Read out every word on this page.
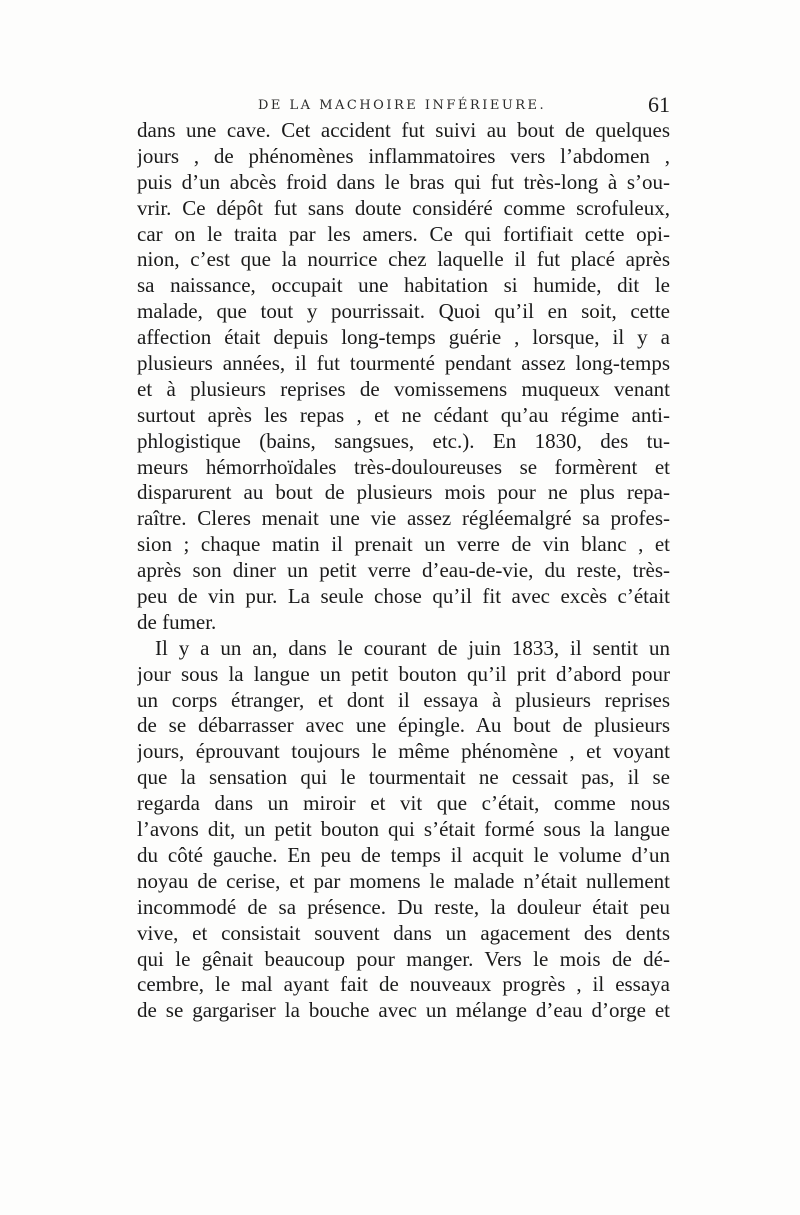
DE LA MACHOIRE INFÉRIEURE.	61
dans une cave. Cet accident fut suivi au bout de quelques
jours , de phénomènes inflammatoires vers l’abdomen ,
puis d’un abcès froid dans le bras qui fut très-long à s’ou-
vrir. Ce dépôt fut sans doute considéré comme scrofuleux,
car on le traita par les amers. Ce qui fortifiait cette opi-
nion, c’est que la nourrice chez laquelle il fut placé après
sa naissance, occupait une habitation si humide, dit le
malade, que tout y pourrissait. Quoi qu’il en soit, cette
affection était depuis long-temps guérie , lorsque, il y a
plusieurs années, il fut tourmenté pendant assez long-temps
et à plusieurs reprises de vomissemens muqueux venant
surtout après les repas , et ne cédant qu’au régime anti-
phlogistique (bains, sangsues, etc.). En 1830, des tu-
meurs hémorrhoïdales très-douloureuses se formèrent et
disparurent au bout de plusieurs mois pour ne plus repa-
raître. Cleres menait une vie assez régléemalgré sa profes-
sion ; chaque matin il prenait un verre de vin blanc , et
après son diner un petit verre d’eau-de-vie, du reste, très-
peu de vin pur. La seule chose qu’il fit avec excès c’était
de fumer.
Il y a un an, dans le courant de juin 1833, il sentit un
jour sous la langue un petit bouton qu’il prit d’abord pour
un corps étranger, et dont il essaya à plusieurs reprises
de se débarrasser avec une épingle. Au bout de plusieurs
jours, éprouvant toujours le même phénomène , et voyant
que la sensation qui le tourmentait ne cessait pas, il se
regarda dans un miroir et vit que c’était, comme nous
l’avons dit, un petit bouton qui s’était formé sous la langue
du côté gauche. En peu de temps il acquit le volume d’un
noyau de cerise, et par momens le malade n’était nullement
incommodé de sa présence. Du reste, la douleur était peu
vive, et consistait souvent dans un agacement des dents
qui le gênait beaucoup pour manger. Vers le mois de dé-
cembre, le mal ayant fait de nouveaux progrès , il essaya
de se gargariser la bouche avec un mélange d’eau d’orge et
